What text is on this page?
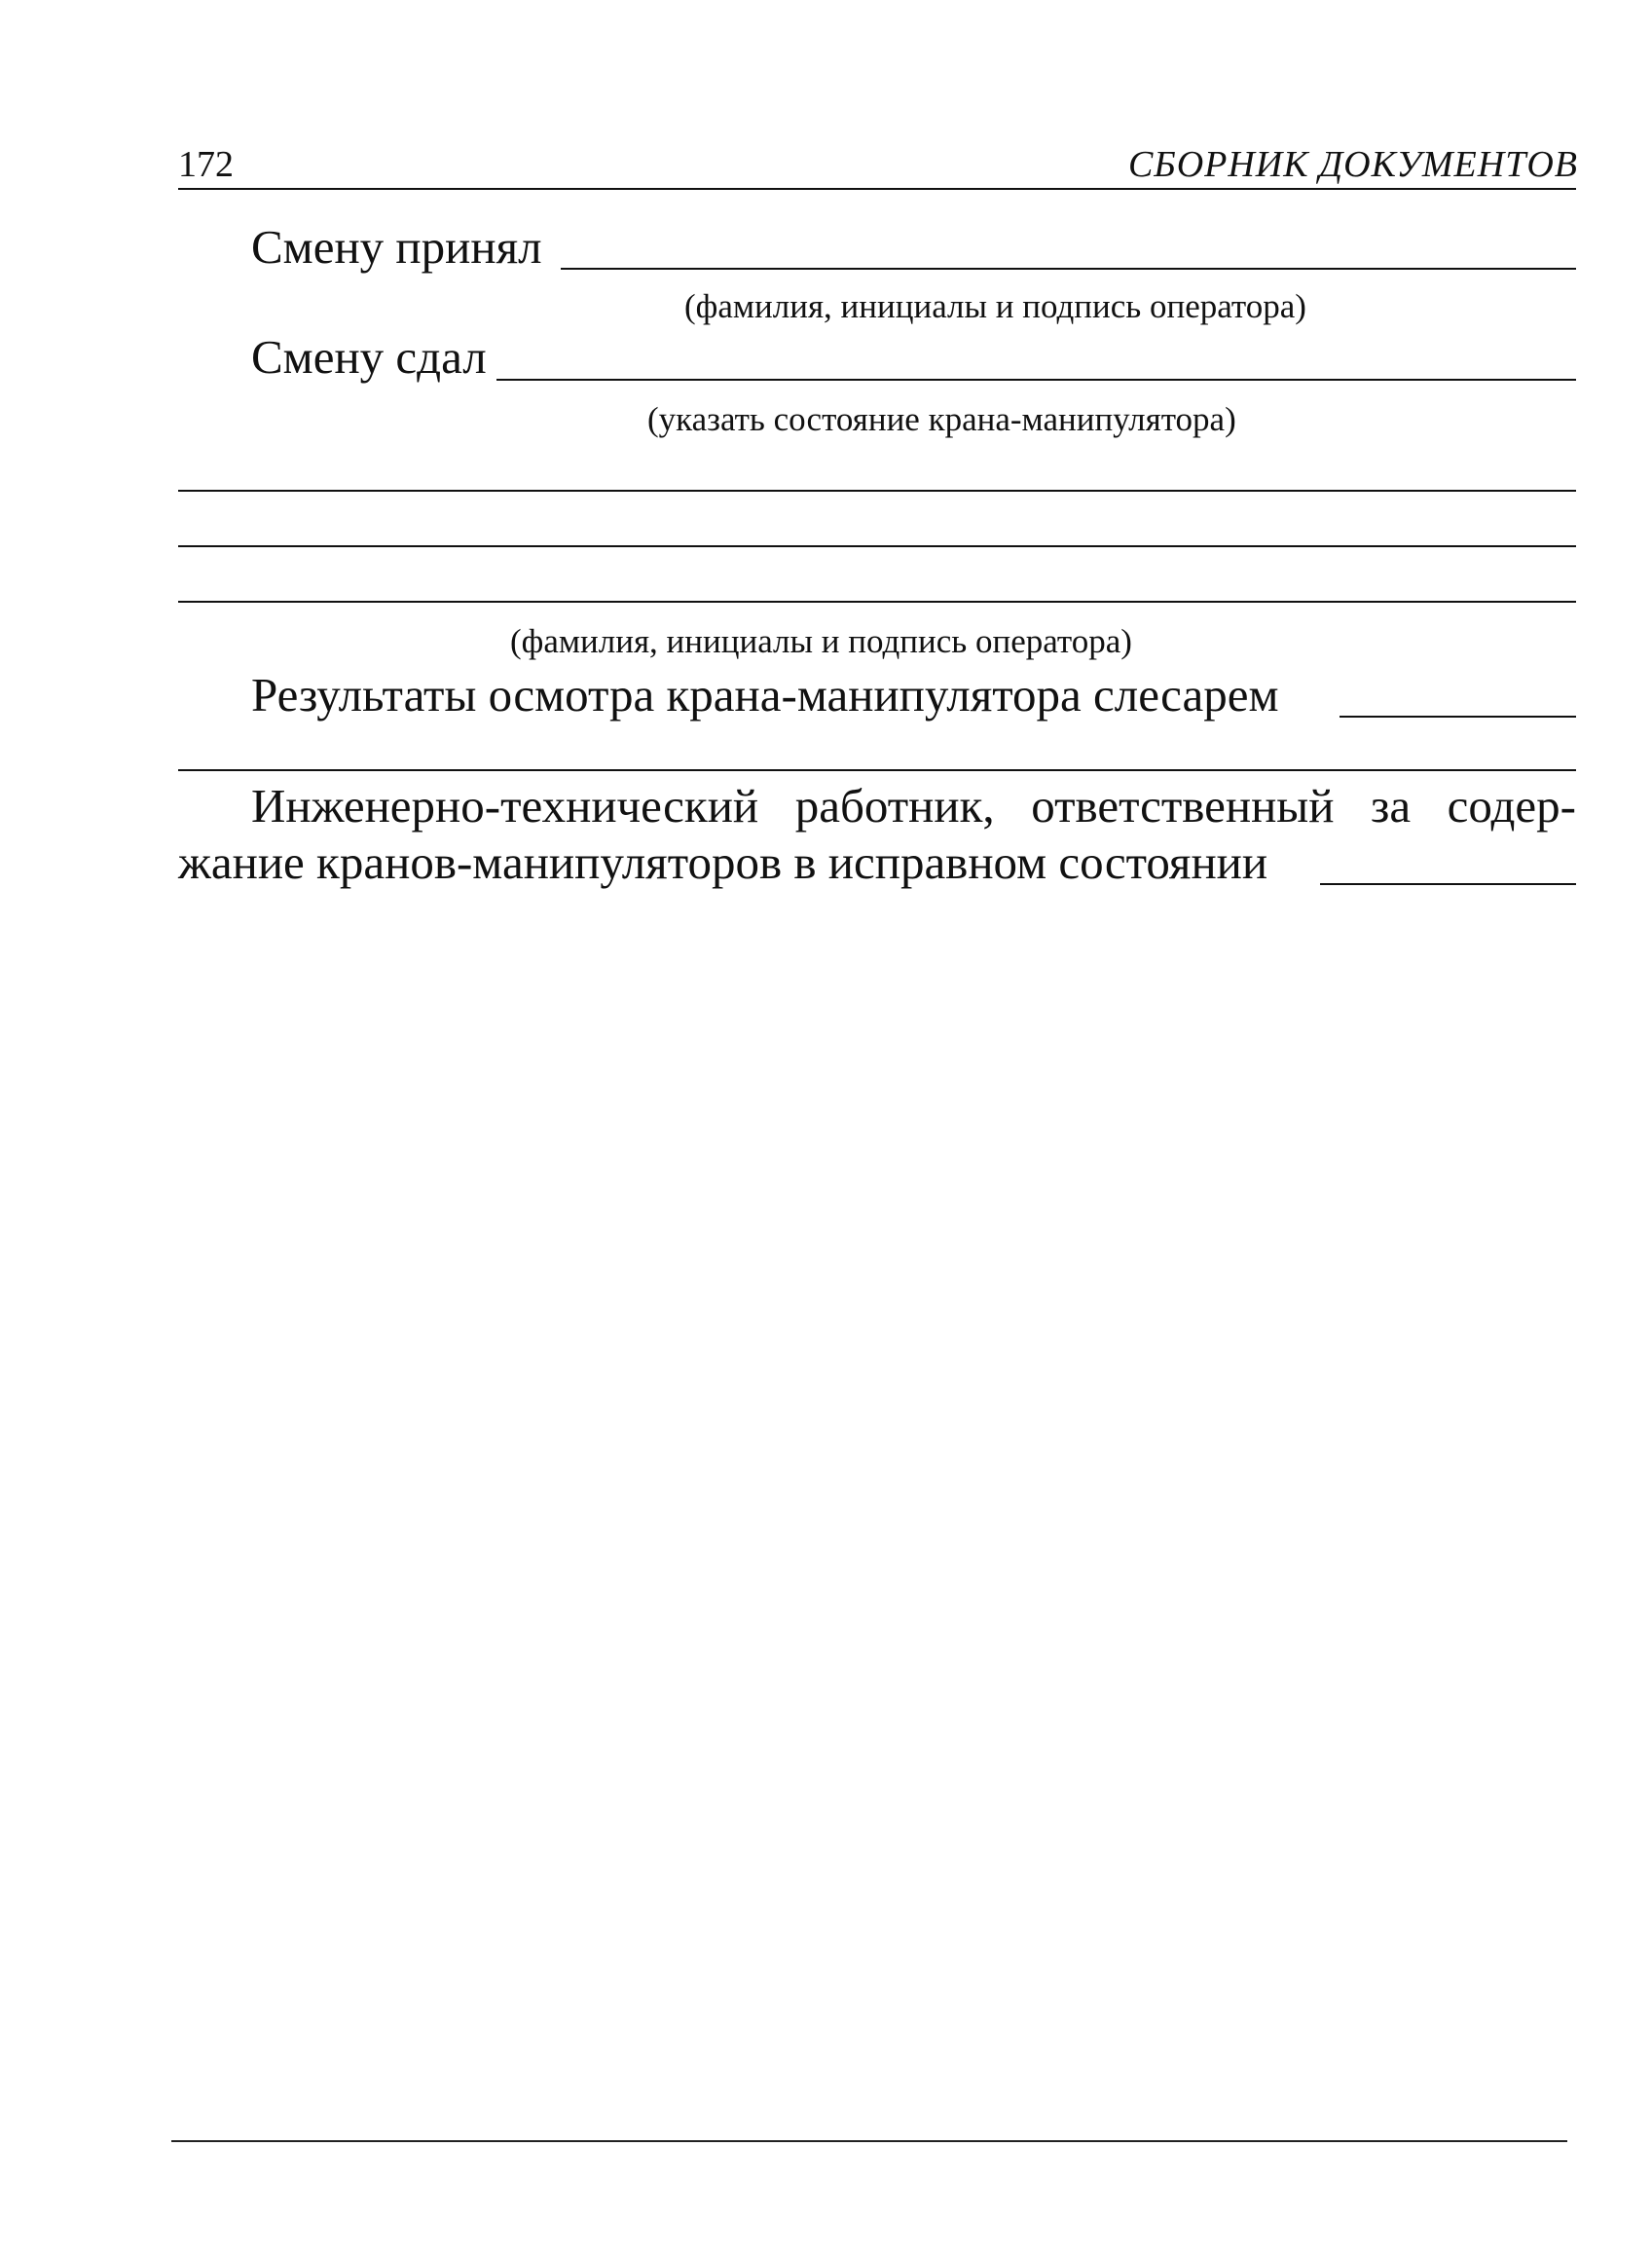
172	СБОРНИК ДОКУМЕНТОВ
Смену принял
(фамилия, инициалы и подпись оператора)
Смену сдал
(указать состояние крана-манипулятора)
(фамилия, инициалы и подпись оператора)
Результаты осмотра крана-манипулятора слесарем
Инженерно-технический работник, ответственный за содер-
жание кранов-манипуляторов в исправном состоянии
